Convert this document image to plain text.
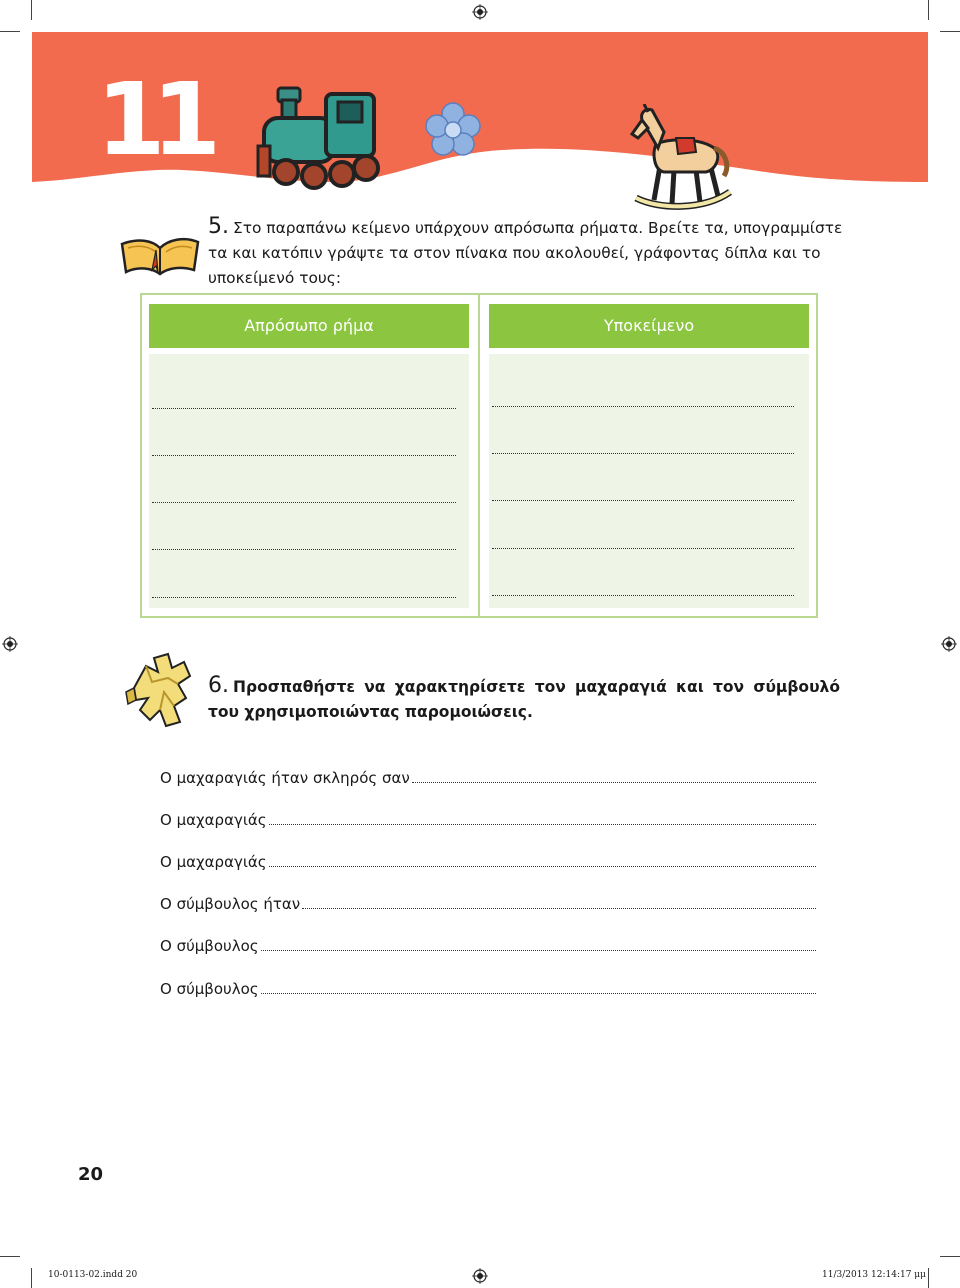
11
5. Στο παραπάνω κείμενο υπάρχουν απρόσωπα ρήματα. Βρείτε τα, υπογραμμίστε τα και κατόπιν γράψτε τα στον πίνακα που ακολουθεί, γράφοντας δίπλα και το υποκείμενό τους:
Απρόσωπο ρήμα	Υποκείμενο
6. Προσπαθήστε να χαρακτηρίσετε τον μαχαραγιά και τον σύμβουλό του χρησιμοποιώντας παρομοιώσεις.
Ο μαχαραγιάς ήταν σκληρός σαν
Ο μαχαραγιάς
Ο μαχαραγιάς
Ο σύμβουλος ήταν
Ο σύμβουλος
Ο σύμβουλος
20
10-0113-02.indd 20	11/3/2013 12:14:17 μμ
